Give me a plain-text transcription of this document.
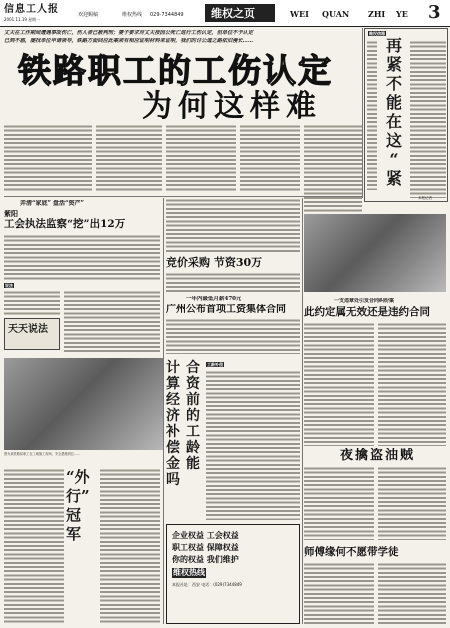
信息工人报
2001.11.19 星期一
欢迎赐稿	维权热线 029-7344849 维权之页	WEI QUAN ZHI YE 3
丈夫在工作期间遭遇事故伤亡，伤人者已被判刑；妻子要求对丈夫按因公死亡进行工伤认定，但单位不予认定
已到不惑，屡找单位申请领导，铁路方面回应此案须有相应证明材料来证明，我们的讨公道之路依旧漫长……
铁路职工的工伤认定
为何这样难
维权信箱
再
紧
不
能
在
这
“
紧
本报记者
弄清“家底” 盘活“资产”
紫阳
工会执法监察“挖”出12万
竞价采购 节资30万
说法
天天说法
一年内最低月薪470元
广州公布首项工资集体合同
一支违章处引发合同纠纷案
此约定属无效还是违约合同
图为某铁路局职工在工地施工现场，安全措施到位……
计
算
经
济
补
偿
金
吗
合
资
前
的
工
龄
能
工龄补偿
夜擒盗油贼
“外
行”
冠
军
师傅缘何不愿带学徒
企业权益 工会权益
职工权益 保障权益
你的权益 我们维护
维权热线
本报社址：西安 电话：(029)7344849
